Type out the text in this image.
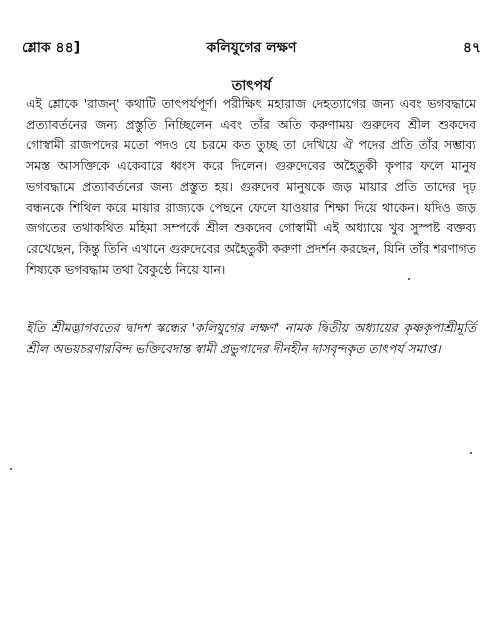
শ্লোক ৪৪]	কলিযুগের লক্ষণ	৪৭
তাৎপর্য
এই শ্লোকে 'রাজন্' কথাটি তাৎপর্যপূর্ণ। পরীক্ষিৎ মহারাজ দেহত্যাগের জন্য এবং ভগবদ্ধামে প্রত্যাবর্তনের জন্য প্রস্তুতি নিচ্ছিলেন এবং তাঁর অতি করুণাময় গুরুদেব শ্রীল শুকদেব গোস্বামী রাজপদের মতো পদও যে চরমে কত তুচ্ছ তা দেখিয়ে ঐ পদের প্রতি তাঁর সম্ভাব্য সমস্ত আসক্তিকে একেবারে ধ্বংস করে দিলেন। গুরুদেবের অহৈতুকী কৃপার ফলে মানুষ ভগবদ্ধামে প্রত্যাবর্তনের জন্য প্রস্তুত হয়। গুরুদেব মানুষকে জড় মায়ার প্রতি তাদের দৃঢ় বন্ধনকে শিথিল করে মায়ার রাজ্যকে পেছনে ফেলে যাওয়ার শিক্ষা দিয়ে থাকেন। যদিও জড় জগতের তথাকথিত মহিমা সম্পর্কে শ্রীল শুকদেব গোস্বামী এই অধ্যায়ে খুব সুস্পষ্ট বক্তব্য রেখেছেন, কিন্তু তিনি এখানে গুরুদেবের অহৈতুকী করুণা প্রদর্শন করছেন, যিনি তাঁর শরণাগত শিষ্যকে ভগবদ্ধাম তথা বৈকুণ্ঠে নিয়ে যান।
ইতি শ্রীমদ্ভাগবতের দ্বাদশ স্কন্ধের 'কলিযুগের লক্ষণ' নামক দ্বিতীয় অধ্যায়ের কৃষ্ণকৃপাশ্রীমূর্তি শ্রীল অভয়চরণারবিন্দ ভক্তিবেদান্ত স্বামী প্রভুপাদের দীনহীন দাসবৃন্দকৃত তাৎপর্য সমাপ্ত।
